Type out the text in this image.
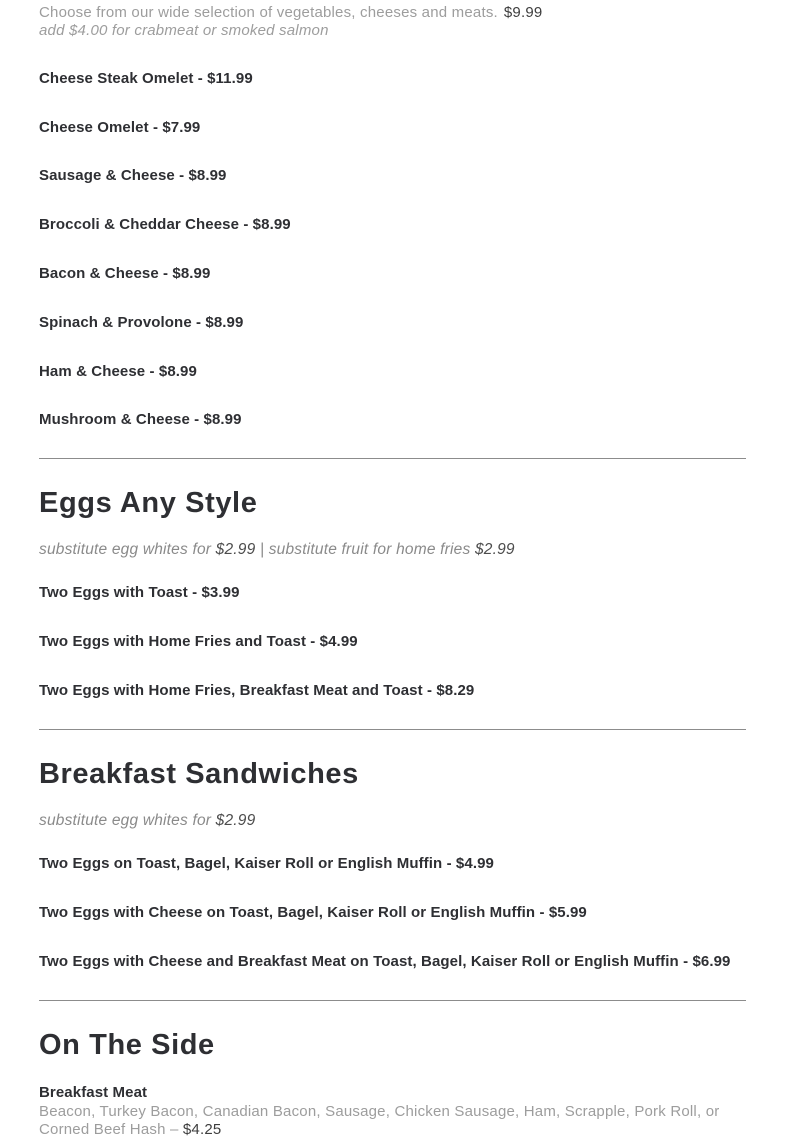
Choose from our wide selection of vegetables, cheeses and meats. $9.99
add $4.00 for crabmeat or smoked salmon
Cheese Steak Omelet - $11.99
Cheese Omelet - $7.99
Sausage & Cheese - $8.99
Broccoli & Cheddar Cheese - $8.99
Bacon & Cheese - $8.99
Spinach & Provolone - $8.99
Ham & Cheese - $8.99
Mushroom & Cheese - $8.99
Eggs Any Style

substitute egg whites for $2.99 | substitute fruit for home fries $2.99

Two Eggs with Toast - $3.99
Two Eggs with Home Fries and Toast - $4.99
Two Eggs with Home Fries, Breakfast Meat and Toast - $8.29
Breakfast Sandwiches

substitute egg whites for $2.99

Two Eggs on Toast, Bagel, Kaiser Roll or English Muffin - $4.99
Two Eggs with Cheese on Toast, Bagel, Kaiser Roll or English Muffin - $5.99
Two Eggs with Cheese and Breakfast Meat on Toast, Bagel, Kaiser Roll or English Muffin - $6.99
On The Side
Breakfast Meat

Beacon, Turkey Bacon, Canadian Bacon, Sausage, Chicken Sausage, Ham, Scrapple, Pork Roll, or Corned Beef Hash – $4.25
